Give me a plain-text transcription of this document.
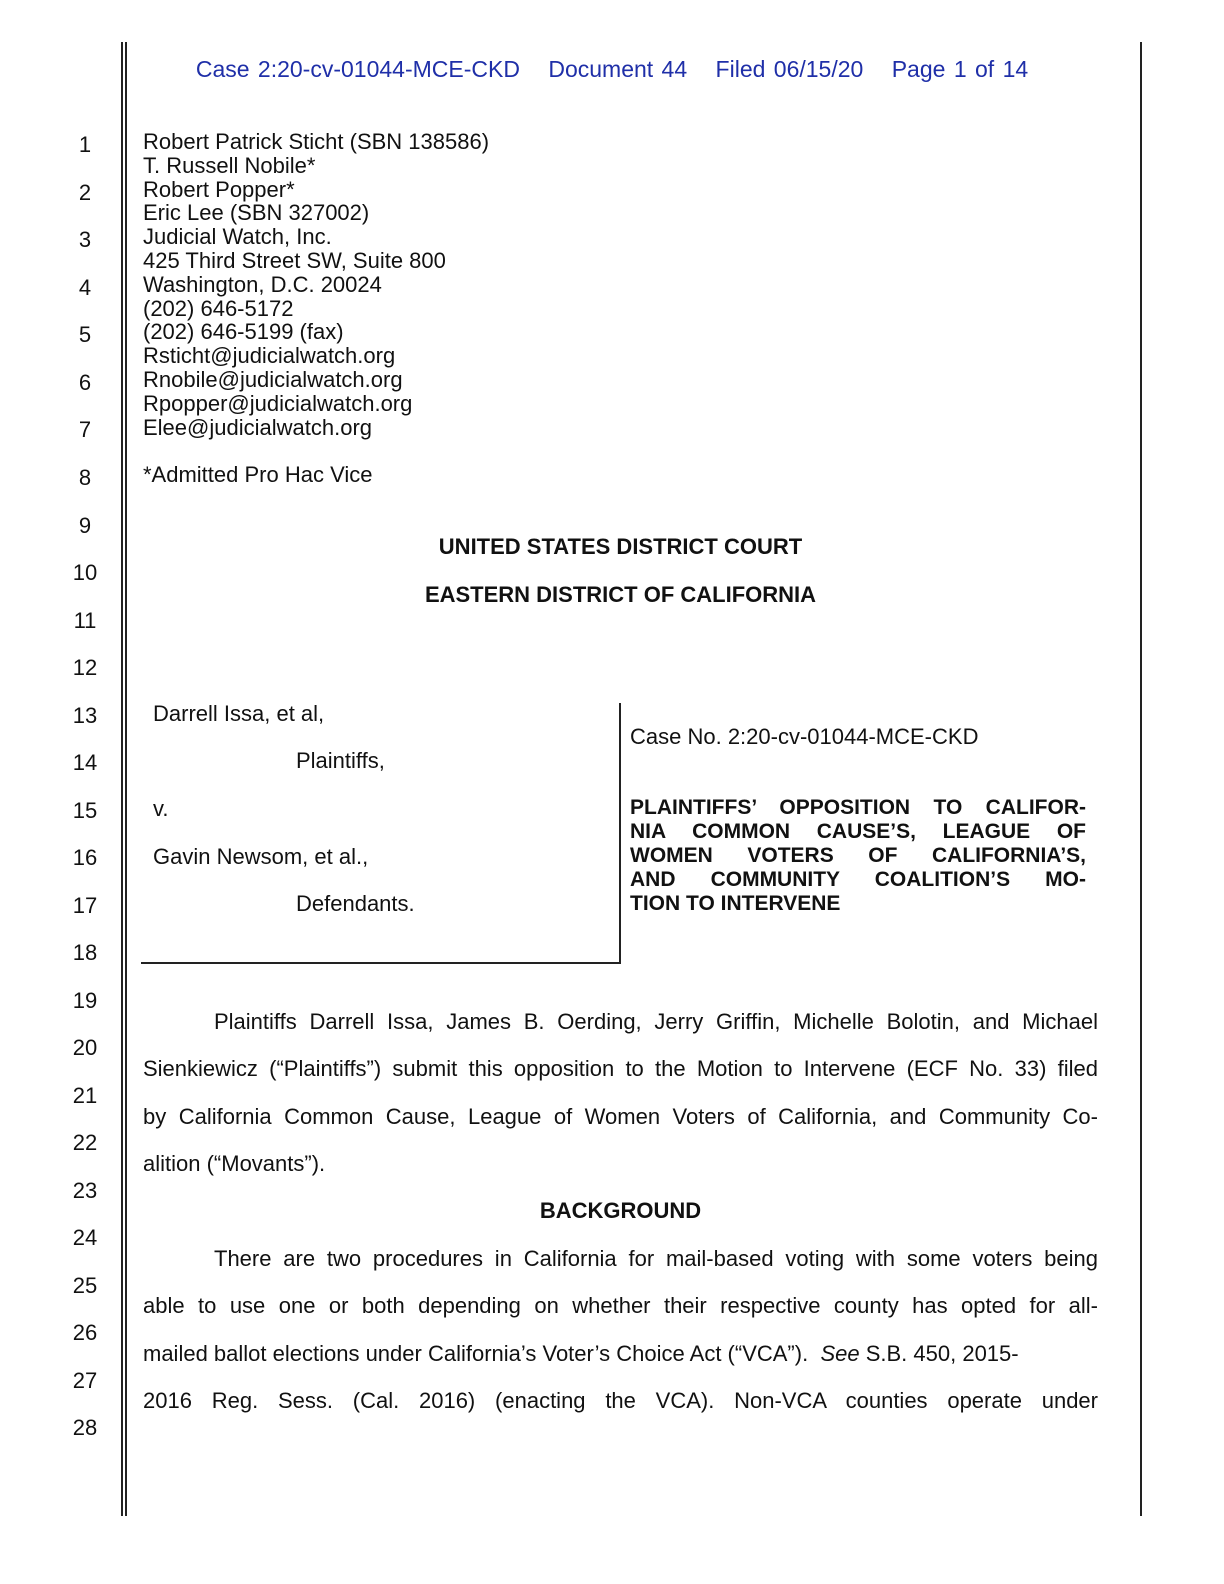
Case 2:20-cv-01044-MCE-CKD Document 44 Filed 06/15/20 Page 1 of 14
1
2
3
4
5
6
7
8
9
10
11
12
13
14
15
16
17
18
19
20
21
22
23
24
25
26
27
28
Robert Patrick Sticht (SBN 138586)
T. Russell Nobile*
Robert Popper*
Eric Lee (SBN 327002)
Judicial Watch, Inc.
425 Third Street SW, Suite 800
Washington, D.C. 20024
(202) 646-5172
(202) 646-5199 (fax)
Rsticht@judicialwatch.org
Rnobile@judicialwatch.org
Rpopper@judicialwatch.org
Elee@judicialwatch.org
*Admitted Pro Hac Vice
UNITED STATES DISTRICT COURT
EASTERN DISTRICT OF CALIFORNIA
Darrell Issa, et al,
Plaintiffs,
v.
Gavin Newsom, et al.,
Defendants.
Case No. 2:20-cv-01044-MCE-CKD
PLAINTIFFS’ OPPOSITION TO CALIFOR-
NIA COMMON CAUSE’S, LEAGUE OF
WOMEN VOTERS OF CALIFORNIA’S,
AND COMMUNITY COALITION’S MO-
TION TO INTERVENE
Plaintiffs Darrell Issa, James B. Oerding, Jerry Griffin, Michelle Bolotin, and Michael
Sienkiewicz (“Plaintiffs”) submit this opposition to the Motion to Intervene (ECF No. 33) filed
by California Common Cause, League of Women Voters of California, and Community Co-
alition (“Movants”).
BACKGROUND
There are two procedures in California for mail-based voting with some voters being
able to use one or both depending on whether their respective county has opted for all-
mailed ballot elections under California’s Voter’s Choice Act (“VCA”). See S.B. 450, 2015-
2016 Reg. Sess. (Cal. 2016) (enacting the VCA). Non-VCA counties operate under
